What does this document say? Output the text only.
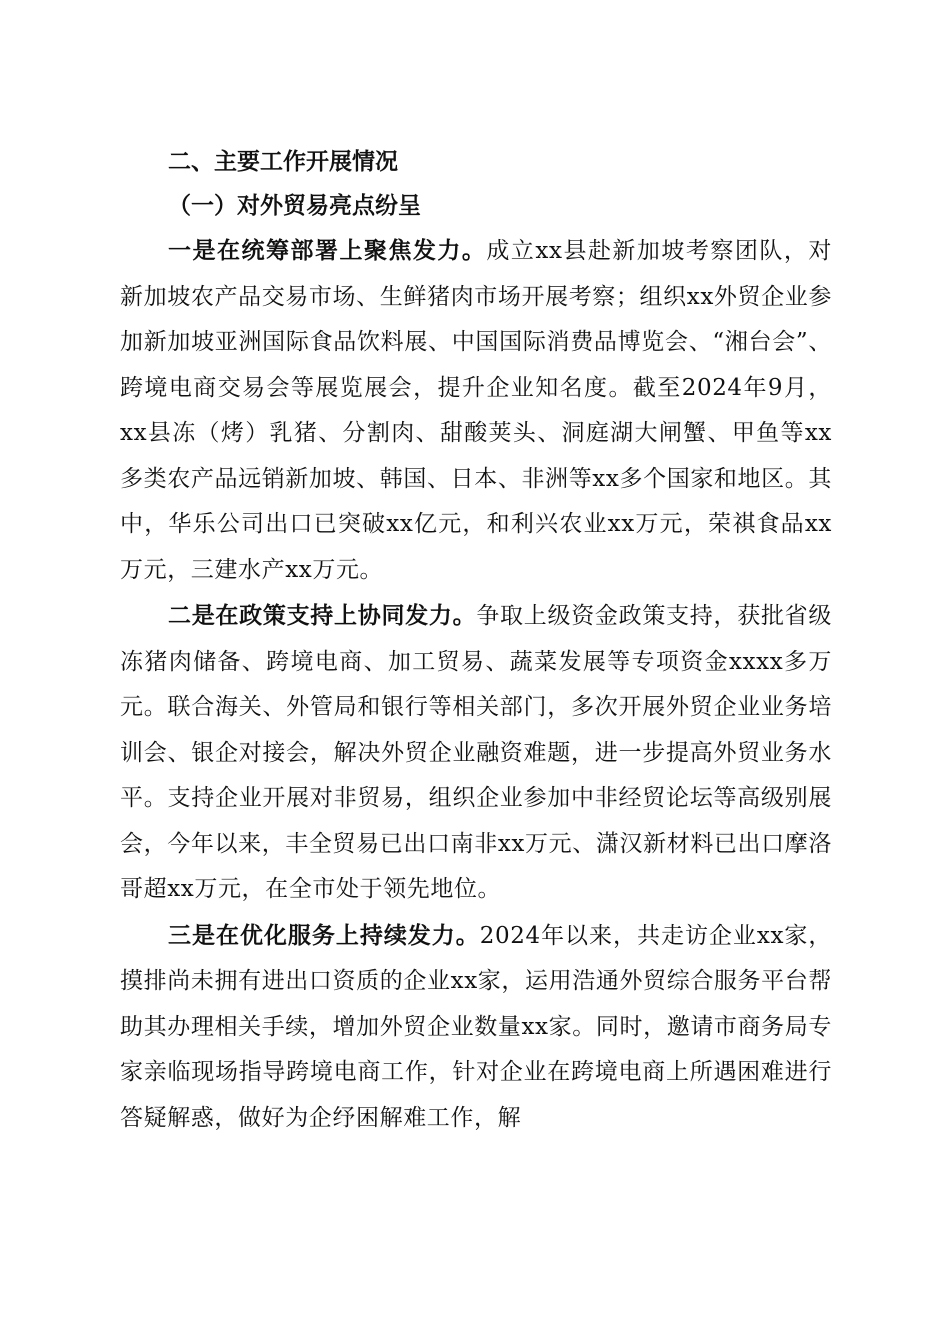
二、主要工作开展情况
（一）对外贸易亮点纷呈

一是在统筹部署上聚焦发力。成立xx县赴新加坡考察团队，对新加坡农产品交易市场、生鲜猪肉市场开展考察；组织xx外贸企业参加新加坡亚洲国际食品饮料展、中国国际消费品博览会、“湘台会”、跨境电商交易会等展览展会，提升企业知名度。截至2024年9月，xx县冻（烤）乳猪、分割肉、甜酸荚头、洞庭湖大闸蟹、甲鱼等xx多类农产品远销新加坡、韩国、日本、非洲等xx多个国家和地区。其中，华乐公司出口已突破xx亿元，和利兴农业xx万元，荣祺食品xx万元，三建水产xx万元。

二是在政策支持上协同发力。争取上级资金政策支持，获批省级冻猪肉储备、跨境电商、加工贸易、蔬菜发展等专项资金xxxx多万元。联合海关、外管局和银行等相关部门，多次开展外贸企业业务培训会、银企对接会，解决外贸企业融资难题，进一步提高外贸业务水平。支持企业开展对非贸易，组织企业参加中非经贸论坛等高级别展会，今年以来，丰全贸易已出口南非xx万元、潇汉新材料已出口摩洛哥超xx万元，在全市处于领先地位。

三是在优化服务上持续发力。2024年以来，共走访企业xx家，摸排尚未拥有进出口资质的企业xx家，运用浩通外贸综合服务平台帮助其办理相关手续，增加外贸企业数量xx家。同时，邀请市商务局专家亲临现场指导跨境电商工作，针对企业在跨境电商上所遇困难进行答疑解惑，做好为企纾困解难工作，解
